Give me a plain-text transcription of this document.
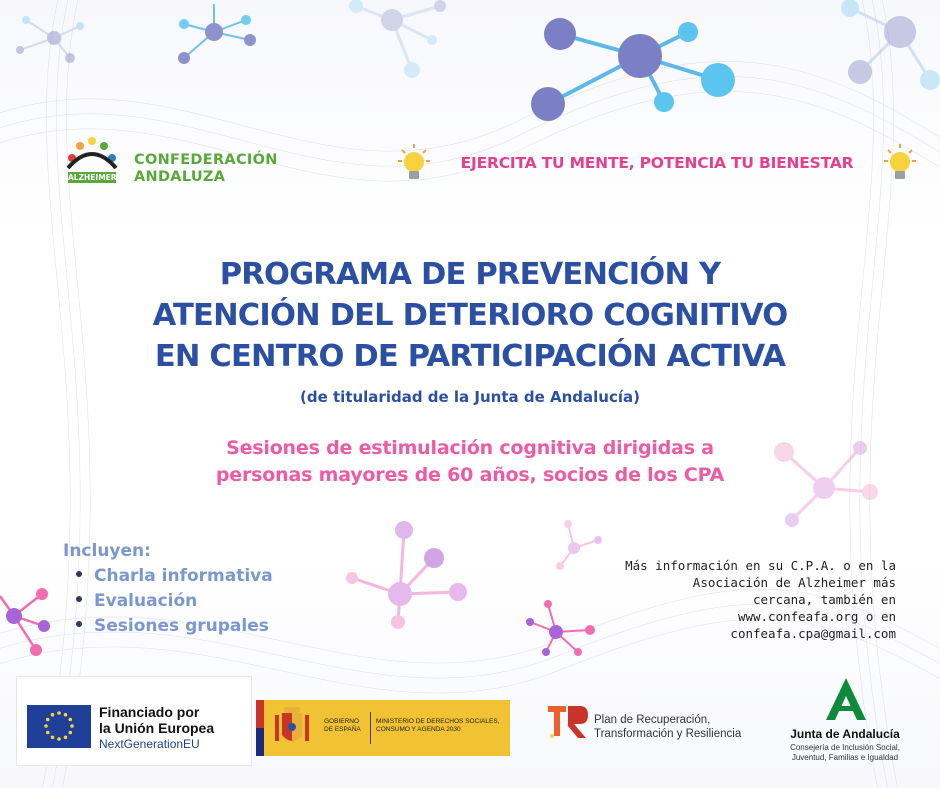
ALZHEIMER
CONFEDERACIÓN
ANDALUZA
EJERCITA TU MENTE, POTENCIA TU BIENESTAR
PROGRAMA DE PREVENCIÓN Y
ATENCIÓN DEL DETERIORO COGNITIVO
EN CENTRO DE PARTICIPACIÓN ACTIVA
(de titularidad de la Junta de Andalucía)
Sesiones de estimulación cognitiva dirigidas a
personas mayores de 60 años, socios de los CPA
Incluyen:
Charla informativa
Evaluación
Sesiones grupales
Más información en su C.P.A. o en la
Asociación de Alzheimer más
cercana, también en
www.confeafa.org o en
confeafa.cpa@gmail.com
Financiado por
la Unión Europea
NextGenerationEU
GOBIERNO DE ESPAÑA
MINISTERIO DE DERECHOS SOCIALES, CONSUMO Y AGENDA 2030
Plan de Recuperación,
Transformación y Resiliencia	Junta de Andalucía
Consejería de Inclusión Social,
Juventud, Familias e Igualdad
